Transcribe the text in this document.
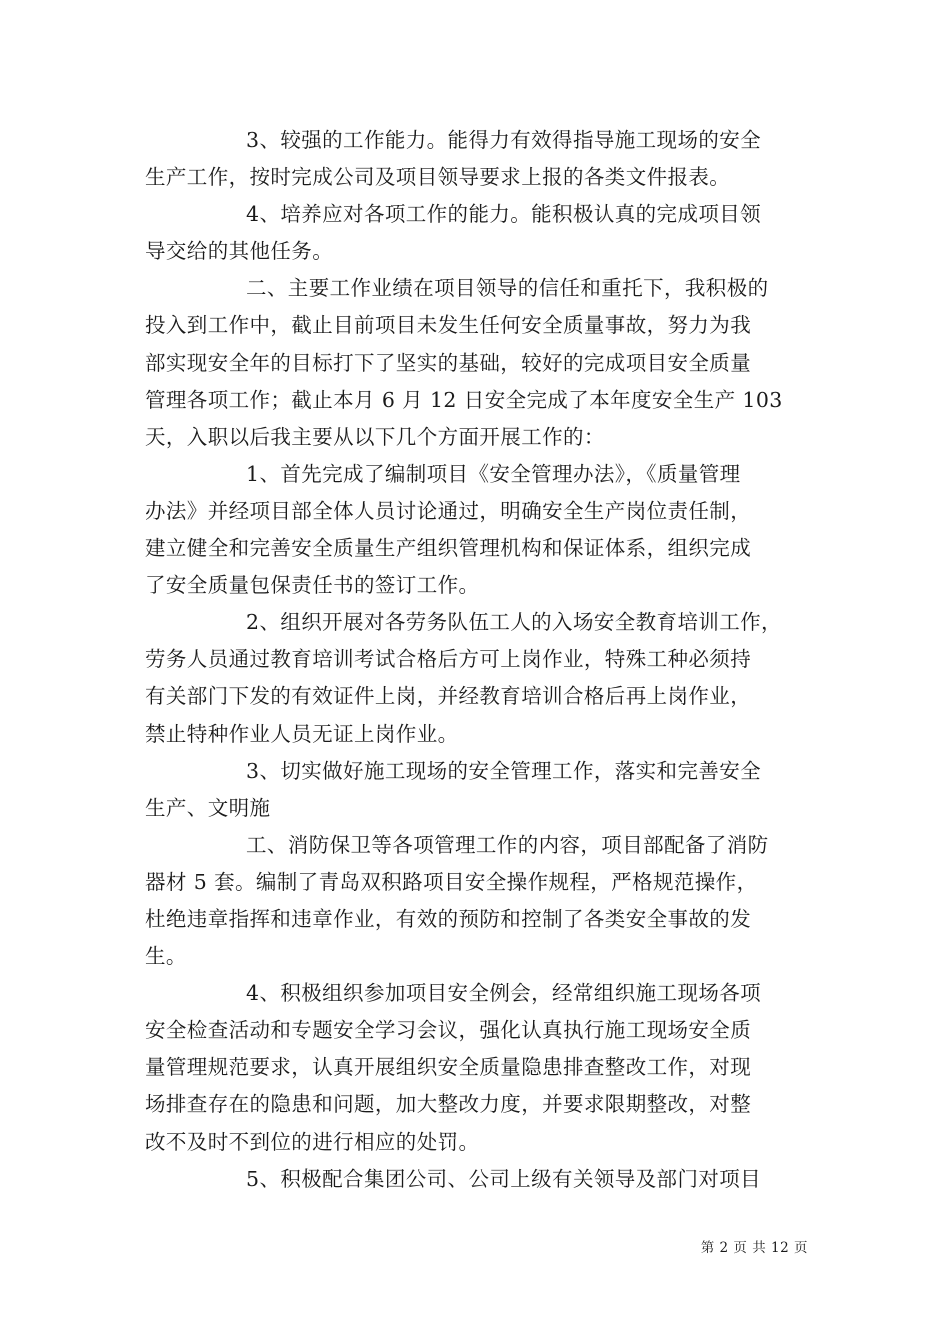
3、较强的工作能力。能得力有效得指导施工现场的安全
生产工作，按时完成公司及项目领导要求上报的各类文件报表。
4、培养应对各项工作的能力。能积极认真的完成项目领
导交给的其他任务。
二、主要工作业绩在项目领导的信任和重托下，我积极的
投入到工作中，截止目前项目未发生任何安全质量事故，努力为我
部实现安全年的目标打下了坚实的基础，较好的完成项目安全质量
管理各项工作；截止本月 6 月 12 日安全完成了本年度安全生产 103
天，入职以后我主要从以下几个方面开展工作的：
1、首先完成了编制项目《安全管理办法》，《质量管理
办法》并经项目部全体人员讨论通过，明确安全生产岗位责任制，
建立健全和完善安全质量生产组织管理机构和保证体系，组织完成
了安全质量包保责任书的签订工作。
2、组织开展对各劳务队伍工人的入场安全教育培训工作，
劳务人员通过教育培训考试合格后方可上岗作业，特殊工种必须持
有关部门下发的有效证件上岗，并经教育培训合格后再上岗作业，
禁止特种作业人员无证上岗作业。
3、切实做好施工现场的安全管理工作，落实和完善安全
生产、文明施
工、消防保卫等各项管理工作的内容，项目部配备了消防
器材 5 套。编制了青岛双积路项目安全操作规程，严格规范操作，
杜绝违章指挥和违章作业，有效的预防和控制了各类安全事故的发
生。
4、积极组织参加项目安全例会，经常组织施工现场各项
安全检查活动和专题安全学习会议，强化认真执行施工现场安全质
量管理规范要求，认真开展组织安全质量隐患排查整改工作，对现
场排查存在的隐患和问题，加大整改力度，并要求限期整改，对整
改不及时不到位的进行相应的处罚。
5、积极配合集团公司、公司上级有关领导及部门对项目
第 2 页 共 12 页
